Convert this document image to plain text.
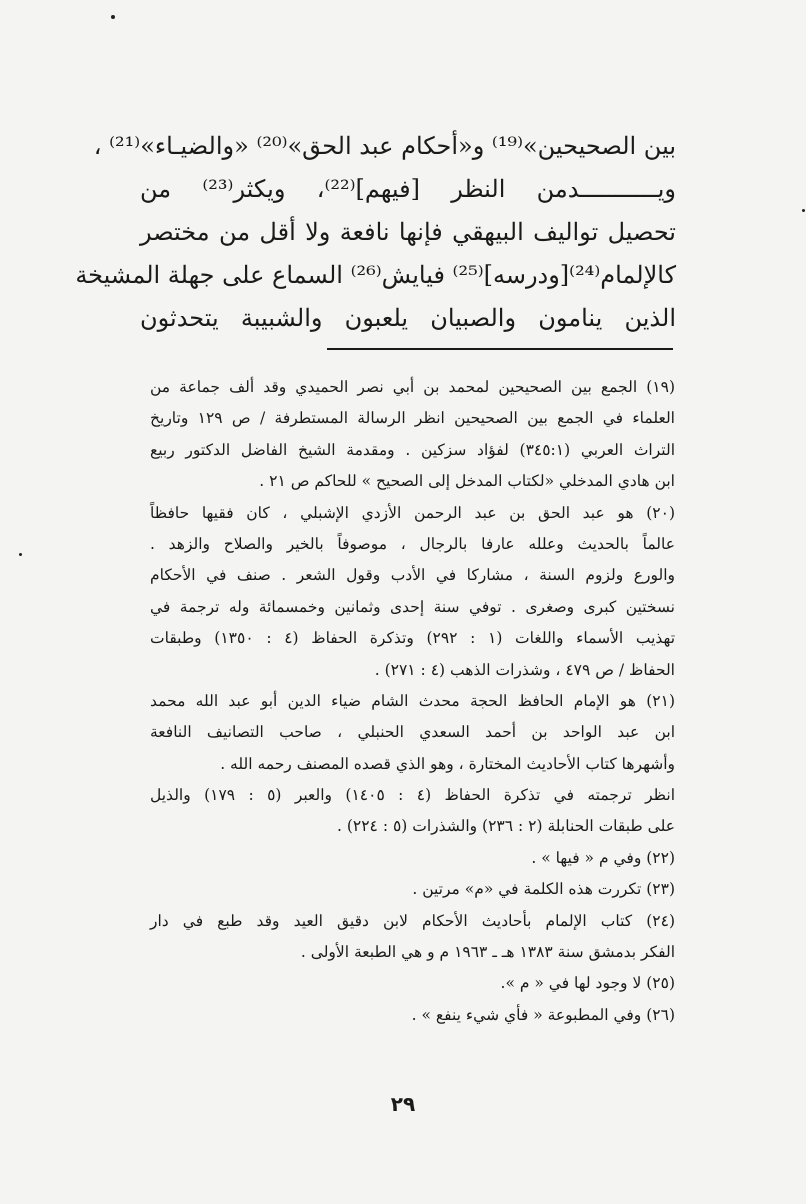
بين الصحيحين»⁽¹⁹⁾ و«أحكام عبد الحق»⁽²⁰⁾ «والضيـاء»⁽²¹⁾ ،
ويـــــــــــدمن النظر [فيهم]⁽²²⁾، ويكثر⁽²³⁾ من
تحصيل تواليف البيهقي فإنها نافعة ولا أقل من مختصر
كالإلمام⁽²⁴⁾[ودرسه]⁽²⁵⁾ فيايش⁽²⁶⁾ السماع على جهلة المشيخة
الذين ينامون والصبيان يلعبون والشبيبة يتحدثون
(١٩) الجمع بين الصحيحين لمحمد بن أبي نصر الحميدي وقد ألف جماعة من
العلماء في الجمع بين الصحيحين انظر الرسالة المستطرفة / ص ١٢٩ وتاريخ
التراث العربي (٣٤٥:١) لفؤاد سزكين . ومقدمة الشيخ الفاضل الدكتور ربيع
ابن هادي المدخلي «لكتاب المدخل إلى الصحيح » للحاكم ص ٢١ .
(٢٠) هو عبد الحق بن عبد الرحمن الأزدي الإشبلي ، كان فقيها حافظاً
عالماً بالحديث وعلله عارفا بالرجال ، موصوفاً بالخير والصلاح والزهد .
والورع ولزوم السنة ، مشاركا في الأدب وقول الشعر . صنف في الأحكام
نسختين كبرى وصغرى . توفي سنة إحدى وثمانين وخمسمائة وله ترجمة في
تهذيب الأسماء واللغات (١ : ٢٩٢) وتذكرة الحفاظ (٤ : ١٣٥٠) وطبقات
الحفاظ / ص ٤٧٩ ، وشذرات الذهب (٤ : ٢٧١) .
(٢١) هو الإمام الحافظ الحجة محدث الشام ضياء الدين أبو عبد الله محمد
ابن عبد الواحد بن أحمد السعدي الحنبلي ، صاحب التصانيف النافعة
وأشهرها كتاب الأحاديث المختارة ، وهو الذي قصده المصنف رحمه الله .
انظر ترجمته في تذكرة الحفاظ (٤ : ١٤٠٥) والعبر (٥ : ١٧٩) والذيل
على طبقات الحنابلة (٢ : ٢٣٦) والشذرات (٥ : ٢٢٤) .
(٢٢) وفي م « فيها » .
(٢٣) تكررت هذه الكلمة في «م» مرتين .
(٢٤) كتاب الإلمام بأحاديث الأحكام لابن دقيق العيد وقد طبع في دار
الفكر بدمشق سنة ١٣٨٣ هـ ـ ١٩٦٣ م و هي الطبعة الأولى .
(٢٥) لا وجود لها في « م ».
(٢٦) وفي المطبوعة « فأي شيء ينفع » .
٢٩
